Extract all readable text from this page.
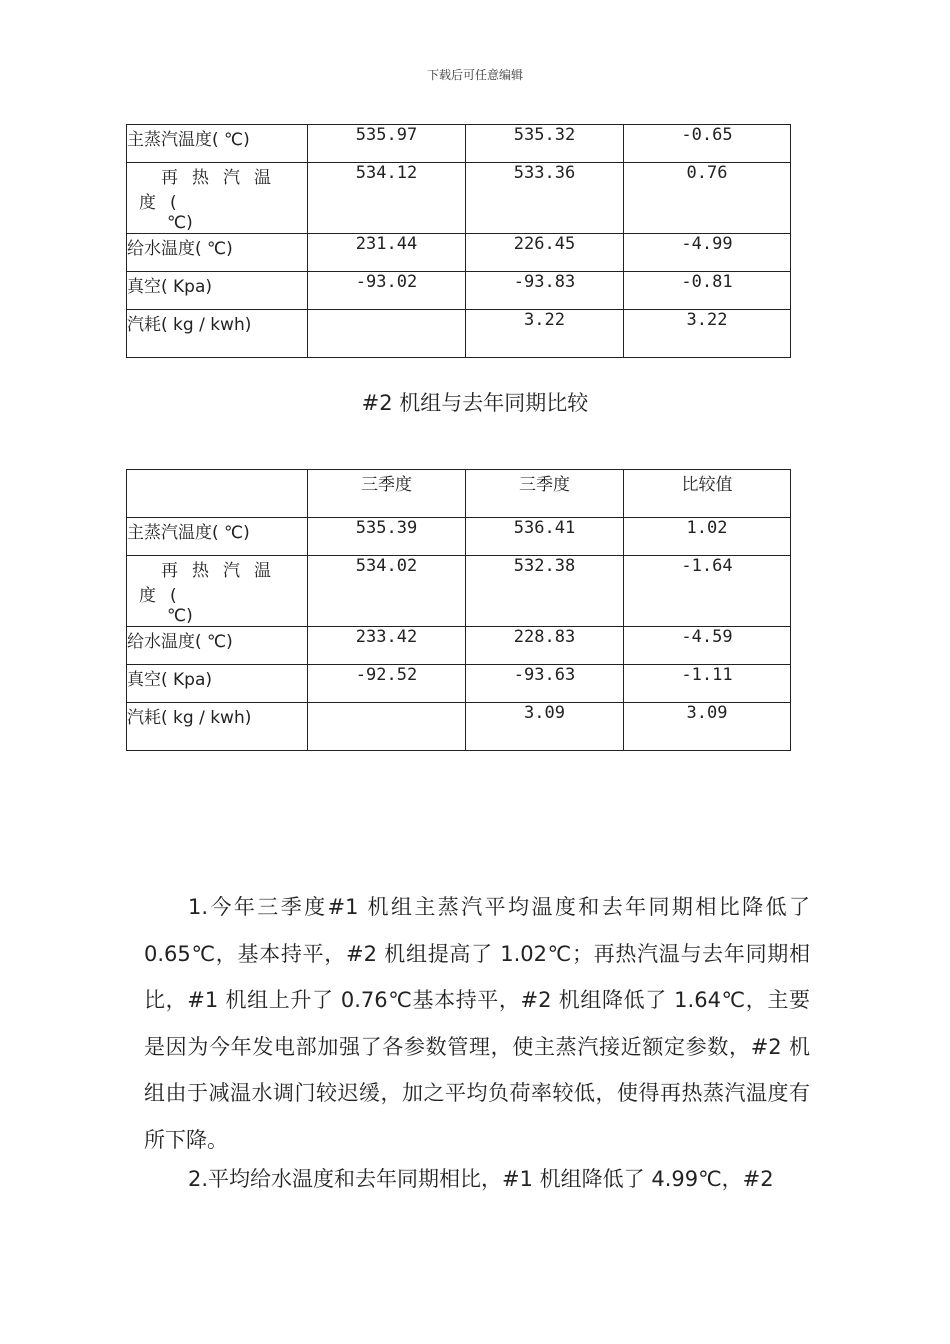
下载后可任意编辑
主蒸汽温度( ℃)	535.97	535.32	-0.65
再热汽温度(
℃)	534.12	533.36	0.76
给水温度( ℃)	231.44	226.45	-4.99
真空( Kpa)	-93.02	-93.83	-0.81
汽耗( kg / kwh)		3.22	3.22
#2 机组与去年同期比较
	三季度	三季度	比较值
主蒸汽温度( ℃)	535.39	536.41	1.02
再热汽温度(
℃)	534.02	532.38	-1.64
给水温度( ℃)	233.42	228.83	-4.59
真空( Kpa)	-92.52	-93.63	-1.11
汽耗( kg / kwh)		3.09	3.09
1.今年三季度#1 机组主蒸汽平均温度和去年同期相比降低了 0.65℃，基本持平，#2 机组提高了 1.02℃；再热汽温与去年同期相比，#1 机组上升了 0.76℃基本持平，#2 机组降低了 1.64℃，主要是因为今年发电部加强了各参数管理，使主蒸汽接近额定参数，#2 机组由于减温水调门较迟缓，加之平均负荷率较低，使得再热蒸汽温度有所下降。
2.平均给水温度和去年同期相比，#1 机组降低了 4.99℃，#2
